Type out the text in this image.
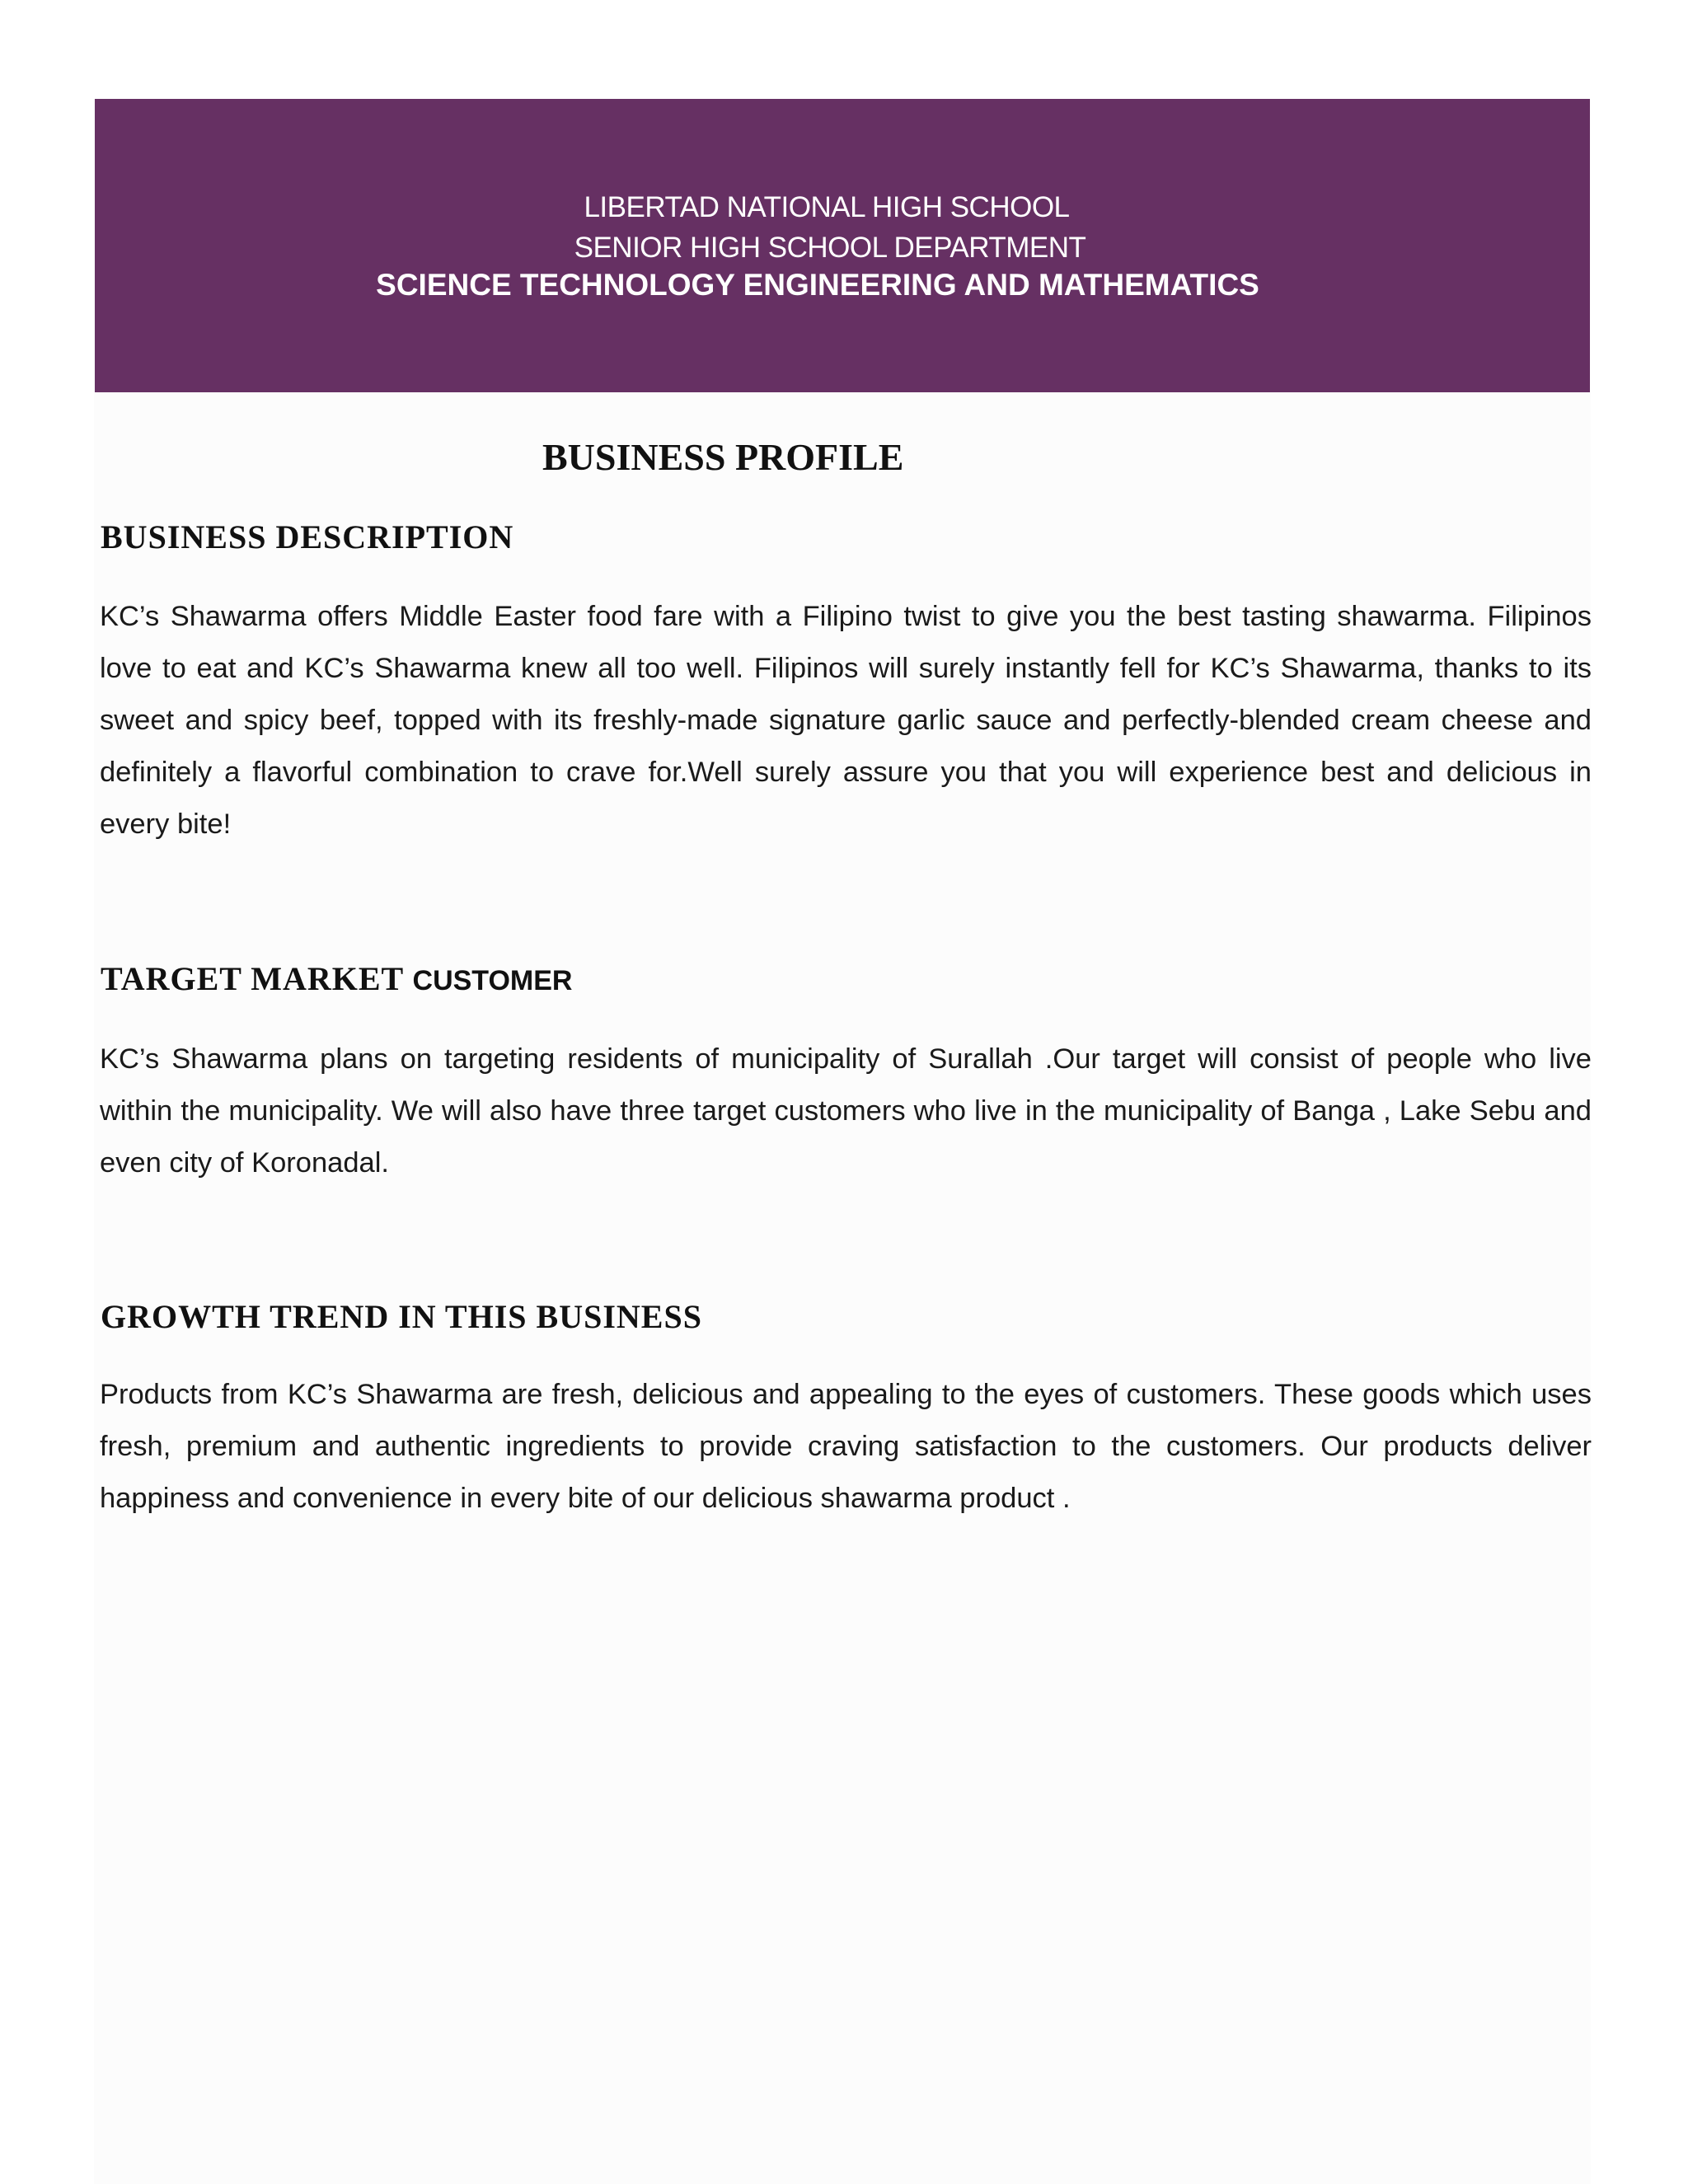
LIBERTAD NATIONAL HIGH SCHOOL
SENIOR HIGH SCHOOL DEPARTMENT
SCIENCE TECHNOLOGY ENGINEERING AND MATHEMATICS
BUSINESS PROFILE
BUSINESS DESCRIPTION

KC’s Shawarma offers Middle Easter food fare with a Filipino twist to give you the best tasting shawarma. Filipinos love to eat and KC’s Shawarma knew all too well. Filipinos will surely instantly fell for KC’s Shawarma, thanks to its sweet and spicy beef, topped with its freshly-made signature garlic sauce and perfectly-blended cream cheese and definitely a flavorful combination to crave for.Well surely assure you that you will experience best and delicious in every bite!

TARGET MARKET CUSTOMER

KC’s Shawarma plans on targeting residents of municipality of Surallah .Our target will consist of people who live within the municipality. We will also have three target customers who live in the municipality of Banga , Lake Sebu and even city of Koronadal.

GROWTH TREND IN THIS BUSINESS

Products from KC’s Shawarma are fresh, delicious and appealing to the eyes of customers. These goods which uses fresh, premium and authentic ingredients to provide craving satisfaction to the customers. Our products deliver happiness and convenience in every bite of our delicious shawarma product .
